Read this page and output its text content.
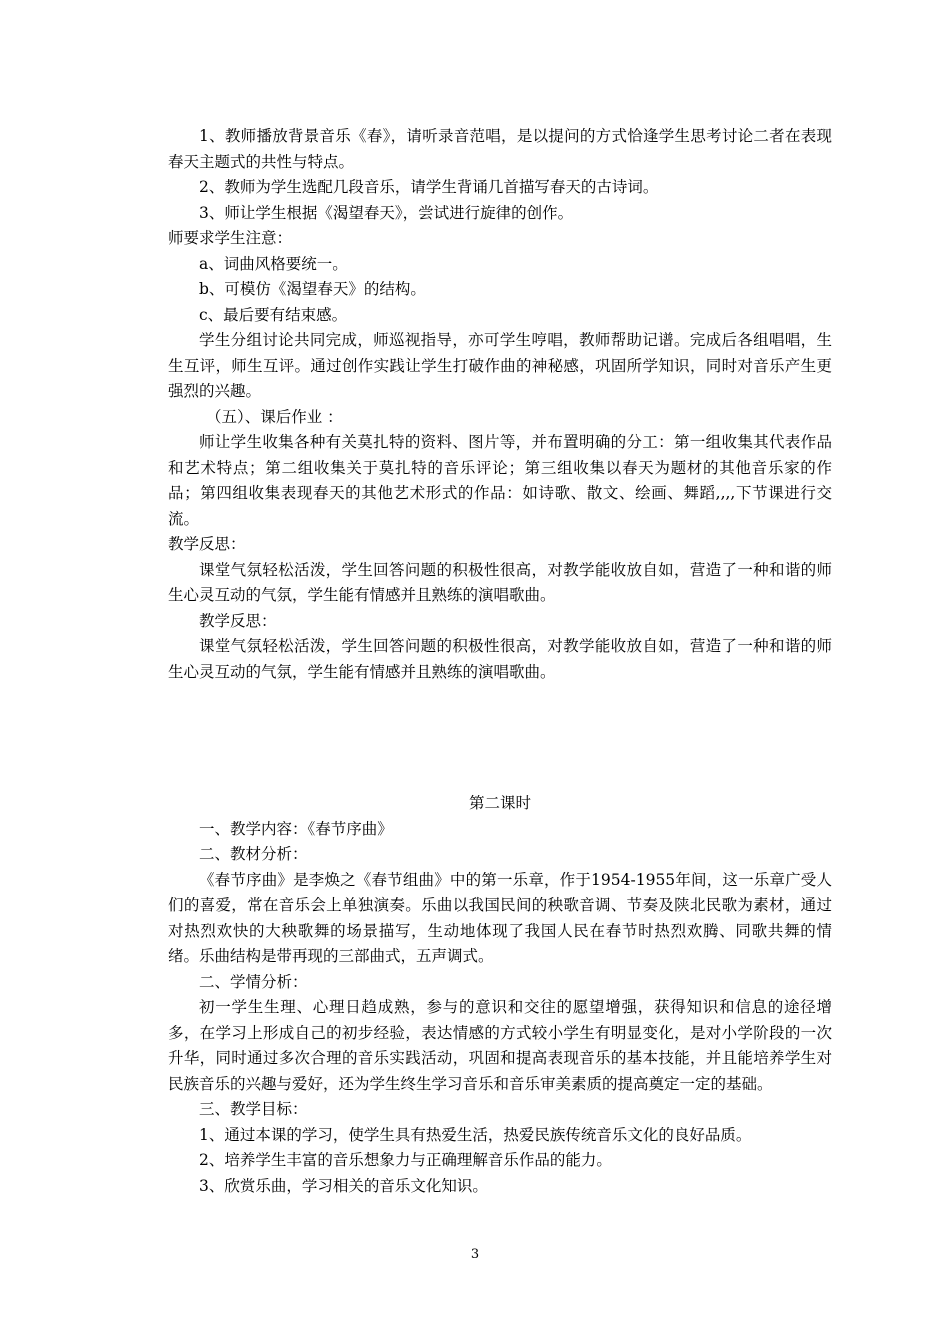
1、教师播放背景音乐《春》，请听录音范唱，是以提问的方式恰逢学生思考讨论二者在表现春天主题式的共性与特点。

2、教师为学生选配几段音乐，请学生背诵几首描写春天的古诗词。

3、师让学生根据《渴望春天》，尝试进行旋律的创作。

师要求学生注意：

a、词曲风格要统一。

b、可模仿《渴望春天》的结构。

c、最后要有结束感。

学生分组讨论共同完成，师巡视指导，亦可学生哼唱，教师帮助记谱。完成后各组唱唱，生生互评，师生互评。通过创作实践让学生打破作曲的神秘感，巩固所学知识，同时对音乐产生更强烈的兴趣。

（五）、课后作业 ：

师让学生收集各种有关莫扎特的资料、图片等，并布置明确的分工：第一组收集其代表作品和艺术特点；第二组收集关于莫扎特的音乐评论；第三组收集以春天为题材的其他音乐家的作品；第四组收集表现春天的其他艺术形式的作品：如诗歌、散文、绘画、舞蹈,,,,下节课进行交流。

教学反思：

课堂气氛轻松活泼，学生回答问题的积极性很高，对教学能收放自如，营造了一种和谐的师生心灵互动的气氛，学生能有情感并且熟练的演唱歌曲。

教学反思：

课堂气氛轻松活泼，学生回答问题的积极性很高，对教学能收放自如，营造了一种和谐的师生心灵互动的气氛，学生能有情感并且熟练的演唱歌曲。

第二课时

一、教学内容：《春节序曲》

二、教材分析：

《春节序曲》是李焕之《春节组曲》中的第一乐章，作于1954-1955年间，这一乐章广受人们的喜爱，常在音乐会上单独演奏。乐曲以我国民间的秧歌音调、节奏及陕北民歌为素材，通过对热烈欢快的大秧歌舞的场景描写，生动地体现了我国人民在春节时热烈欢腾、同歌共舞的情绪。乐曲结构是带再现的三部曲式，五声调式。

二、学情分析：

初一学生生理、心理日趋成熟，参与的意识和交往的愿望增强，获得知识和信息的途径增多，在学习上形成自己的初步经验，表达情感的方式较小学生有明显变化，是对小学阶段的一次升华，同时通过多次合理的音乐实践活动，巩固和提高表现音乐的基本技能，并且能培养学生对民族音乐的兴趣与爱好，还为学生终生学习音乐和音乐审美素质的提高奠定一定的基础。

三、教学目标：

1、通过本课的学习，使学生具有热爱生活，热爱民族传统音乐文化的良好品质。

2、培养学生丰富的音乐想象力与正确理解音乐作品的能力。

3、欣赏乐曲，学习相关的音乐文化知识。

3
